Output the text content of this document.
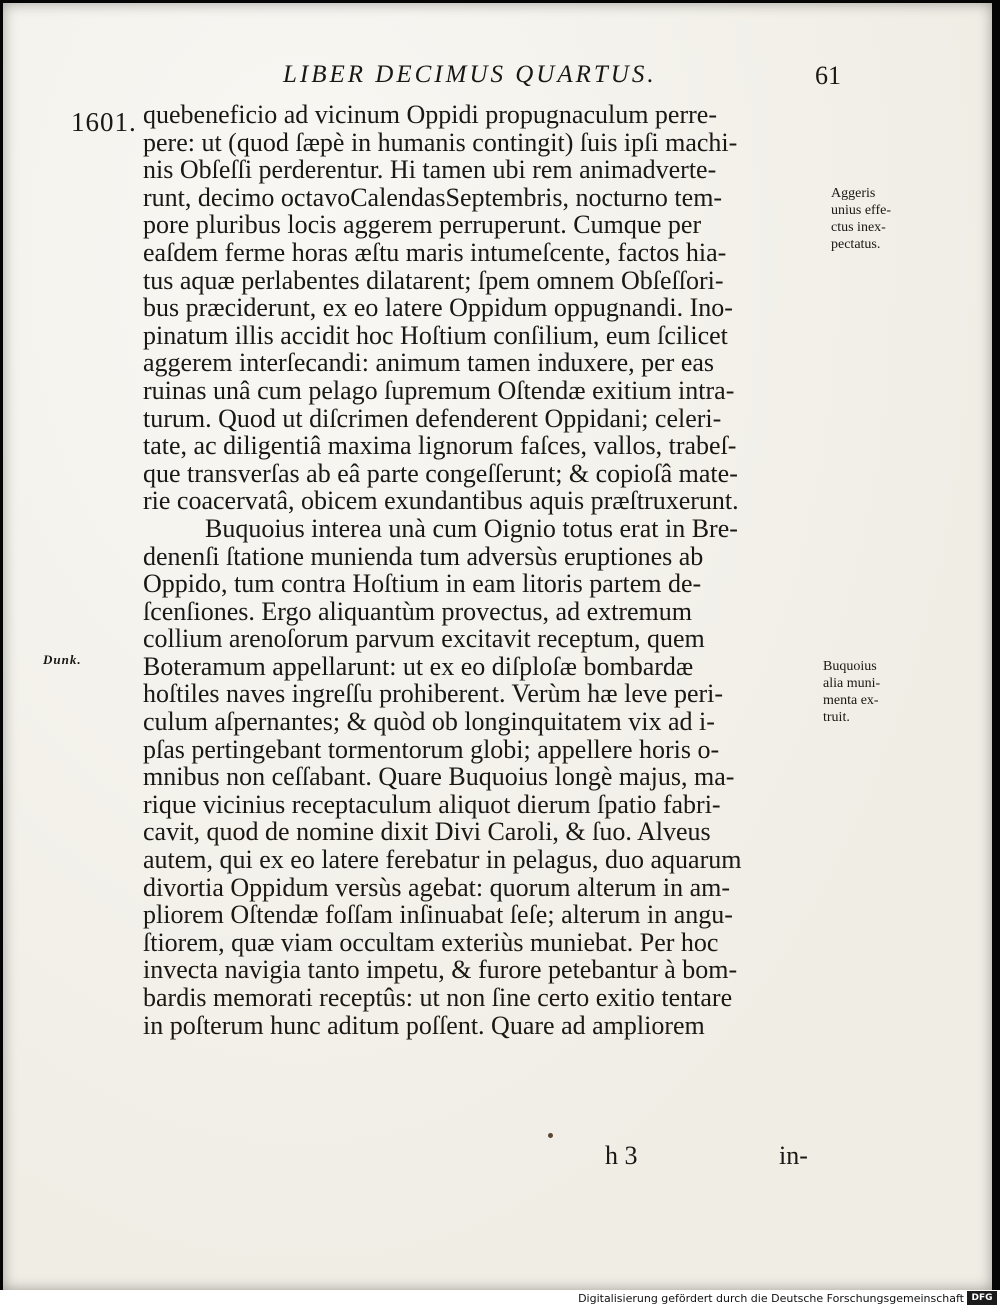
LIBER DECIMUS QUARTUS.	61
1601. quebeneficio ad vicinum Oppidi propugnaculum perre-
pere: ut (quod ſæpè in humanis contingit) ſuis ipſi machi-
nis Obſeſſi perderentur. Hi tamen ubi rem animadverte-
runt, decimo octavoCalendasSeptembris, nocturno tem-
pore pluribus locis aggerem perruperunt. Cumque per
eaſdem ferme horas æſtu maris intumeſcente, factos hia-
tus aquæ perlabentes dilatarent; ſpem omnem Obſeſſori-
bus præciderunt, ex eo latere Oppidum oppugnandi. Ino-
pinatum illis accidit hoc Hoſtium conſilium, eum ſcilicet
aggerem interſecandi: animum tamen induxere, per eas
ruinas unâ cum pelago ſupremum Oſtendæ exitium intra-
turum. Quod ut diſcrimen defenderent Oppidani; celeri-
tate, ac diligentiâ maxima lignorum faſces, vallos, trabeſ-
que transverſas ab eâ parte congeſſerunt; & copioſâ mate-
rie coacervatâ, obicem exundantibus aquis præſtruxerunt.
Buquoius interea unà cum Oignio totus erat in Bre-
denenſi ſtatione munienda tum adversùs eruptiones ab
Oppido, tum contra Hoſtium in eam litoris partem de-
ſcenſiones. Ergo aliquantùm provectus, ad extremum
collium arenoſorum parvum excitavit receptum, quem
Boteramum appellarunt: ut ex eo diſploſæ bombardæ
hoſtiles naves ingreſſu prohiberent. Verùm hæ leve peri-
culum aſpernantes; & quòd ob longinquitatem vix ad i-
pſas pertingebant tormentorum globi; appellere horis o-
mnibus non ceſſabant. Quare Buquoius longè majus, ma-
rique vicinius receptaculum aliquot dierum ſpatio fabri-
cavit, quod de nomine dixit Divi Caroli, & ſuo. Alveus
autem, qui ex eo latere ferebatur in pelagus, duo aquarum
divortia Oppidum versùs agebat: quorum alterum in am-
pliorem Oſtendæ foſſam inſinuabat ſeſe; alterum in angu-
ſtiorem, quæ viam occultam exteriùs muniebat. Per hoc
invecta navigia tanto impetu, & furore petebantur à bom-
bardis memorati receptûs: ut non ſine certo exitio tentare
in poſterum hunc aditum poſſent. Quare ad ampliorem
Aggeris
unius effe-
ctus inex-
pectatus.
Buquoius
alia muni-
menta ex-
truit.
Dunk.
h 3	in-
Digitalisierung gefördert durch die Deutsche Forschungsgemeinschaft DFG
